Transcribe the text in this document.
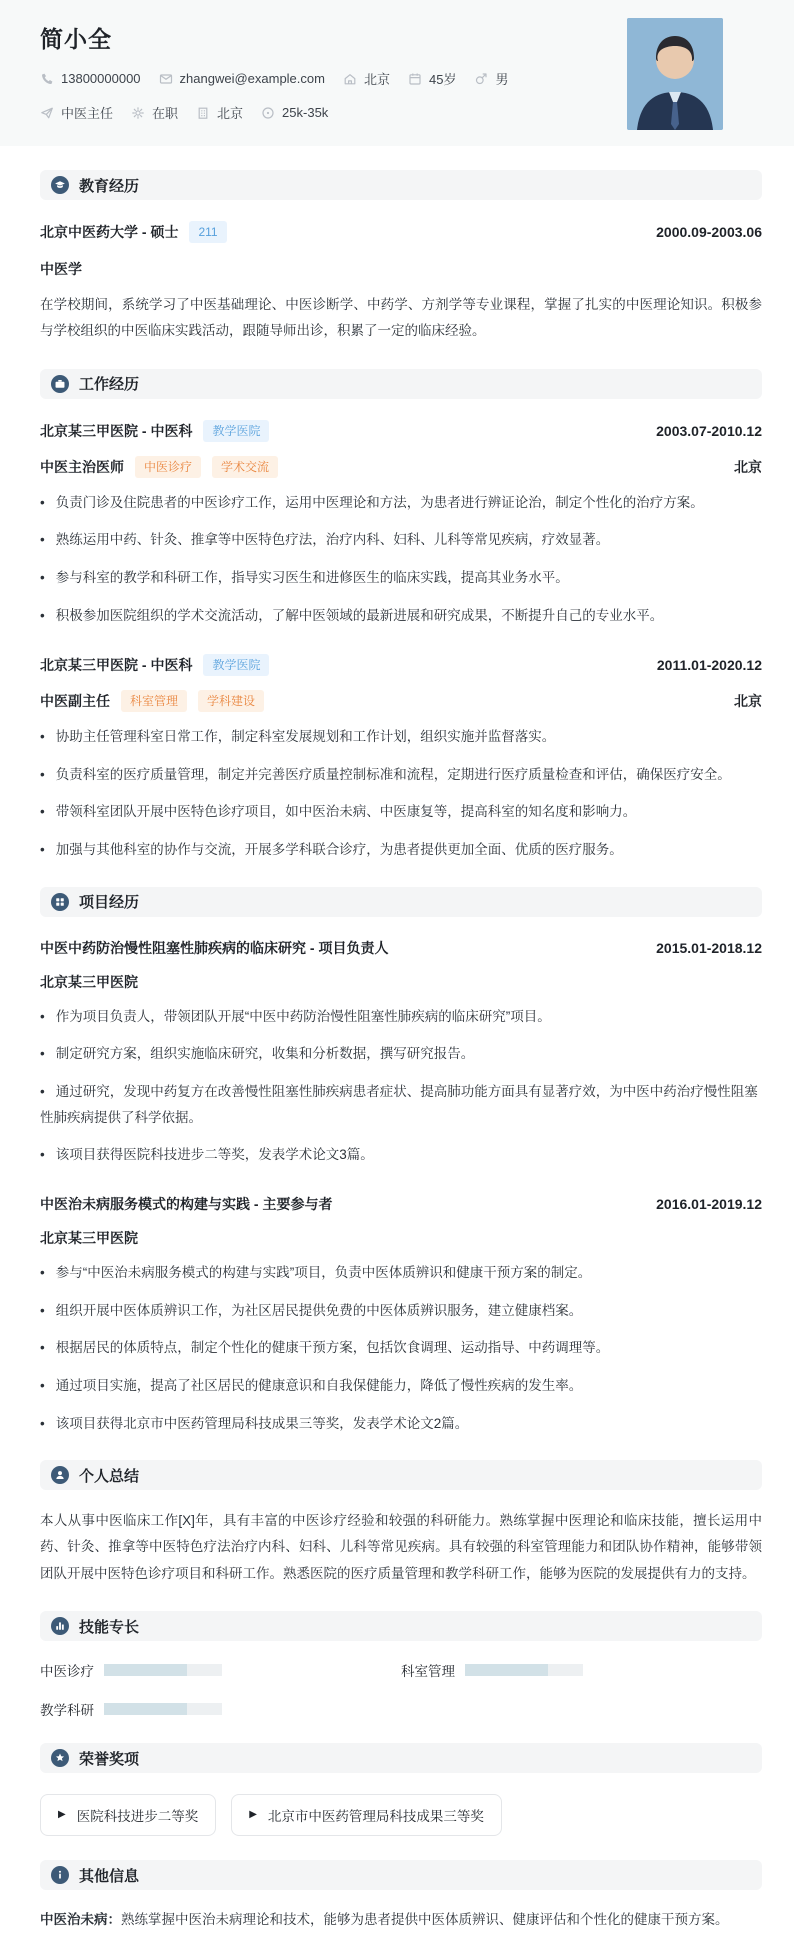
简小全
13800000000	zhangwei@example.com	北京	45岁	男
中医主任	在职	北京	25k-35k
教育经历
北京中医药大学 - 硕士	211	2000.09-2003.06
中医学
在学校期间，系统学习了中医基础理论、中医诊断学、中药学、方剂学等专业课程，掌握了扎实的中医理论知识。积极参与学校组织的中医临床实践活动，跟随导师出诊，积累了一定的临床经验。
工作经历
北京某三甲医院 - 中医科	教学医院	2003.07-2010.12
中医主治医师	中医诊疗	学术交流	北京
• 负责门诊及住院患者的中医诊疗工作，运用中医理论和方法，为患者进行辨证论治，制定个性化的治疗方案。
• 熟练运用中药、针灸、推拿等中医特色疗法，治疗内科、妇科、儿科等常见疾病，疗效显著。
• 参与科室的教学和科研工作，指导实习医生和进修医生的临床实践，提高其业务水平。
• 积极参加医院组织的学术交流活动，了解中医领域的最新进展和研究成果，不断提升自己的专业水平。
北京某三甲医院 - 中医科	教学医院	2011.01-2020.12
中医副主任	科室管理	学科建设	北京
• 协助主任管理科室日常工作，制定科室发展规划和工作计划，组织实施并监督落实。
• 负责科室的医疗质量管理，制定并完善医疗质量控制标准和流程，定期进行医疗质量检查和评估，确保医疗安全。
• 带领科室团队开展中医特色诊疗项目，如中医治未病、中医康复等，提高科室的知名度和影响力。
• 加强与其他科室的协作与交流，开展多学科联合诊疗，为患者提供更加全面、优质的医疗服务。
项目经历
中医中药防治慢性阻塞性肺疾病的临床研究 - 项目负责人	2015.01-2018.12
北京某三甲医院
• 作为项目负责人，带领团队开展“中医中药防治慢性阻塞性肺疾病的临床研究”项目。
• 制定研究方案，组织实施临床研究，收集和分析数据，撰写研究报告。
• 通过研究，发现中药复方在改善慢性阻塞性肺疾病患者症状、提高肺功能方面具有显著疗效，为中医中药治疗慢性阻塞性肺疾病提供了科学依据。
• 该项目获得医院科技进步二等奖，发表学术论文3篇。
中医治未病服务模式的构建与实践 - 主要参与者	2016.01-2019.12
北京某三甲医院
• 参与“中医治未病服务模式的构建与实践”项目，负责中医体质辨识和健康干预方案的制定。
• 组织开展中医体质辨识工作，为社区居民提供免费的中医体质辨识服务，建立健康档案。
• 根据居民的体质特点，制定个性化的健康干预方案，包括饮食调理、运动指导、中药调理等。
• 通过项目实施，提高了社区居民的健康意识和自我保健能力，降低了慢性疾病的发生率。
• 该项目获得北京市中医药管理局科技成果三等奖，发表学术论文2篇。
个人总结
本人从事中医临床工作[X]年，具有丰富的中医诊疗经验和较强的科研能力。熟练掌握中医理论和临床技能，擅长运用中药、针灸、推拿等中医特色疗法治疗内科、妇科、儿科等常见疾病。具有较强的科室管理能力和团队协作精神，能够带领团队开展中医特色诊疗项目和科研工作。熟悉医院的医疗质量管理和教学科研工作，能够为医院的发展提供有力的支持。
技能专长
中医诊疗	科室管理
教学科研
荣誉奖项
▶ 医院科技进步二等奖	▶ 北京市中医药管理局科技成果三等奖
其他信息
中医治未病：熟练掌握中医治未病理论和技术，能够为患者提供中医体质辨识、健康评估和个性化的健康干预方案。
